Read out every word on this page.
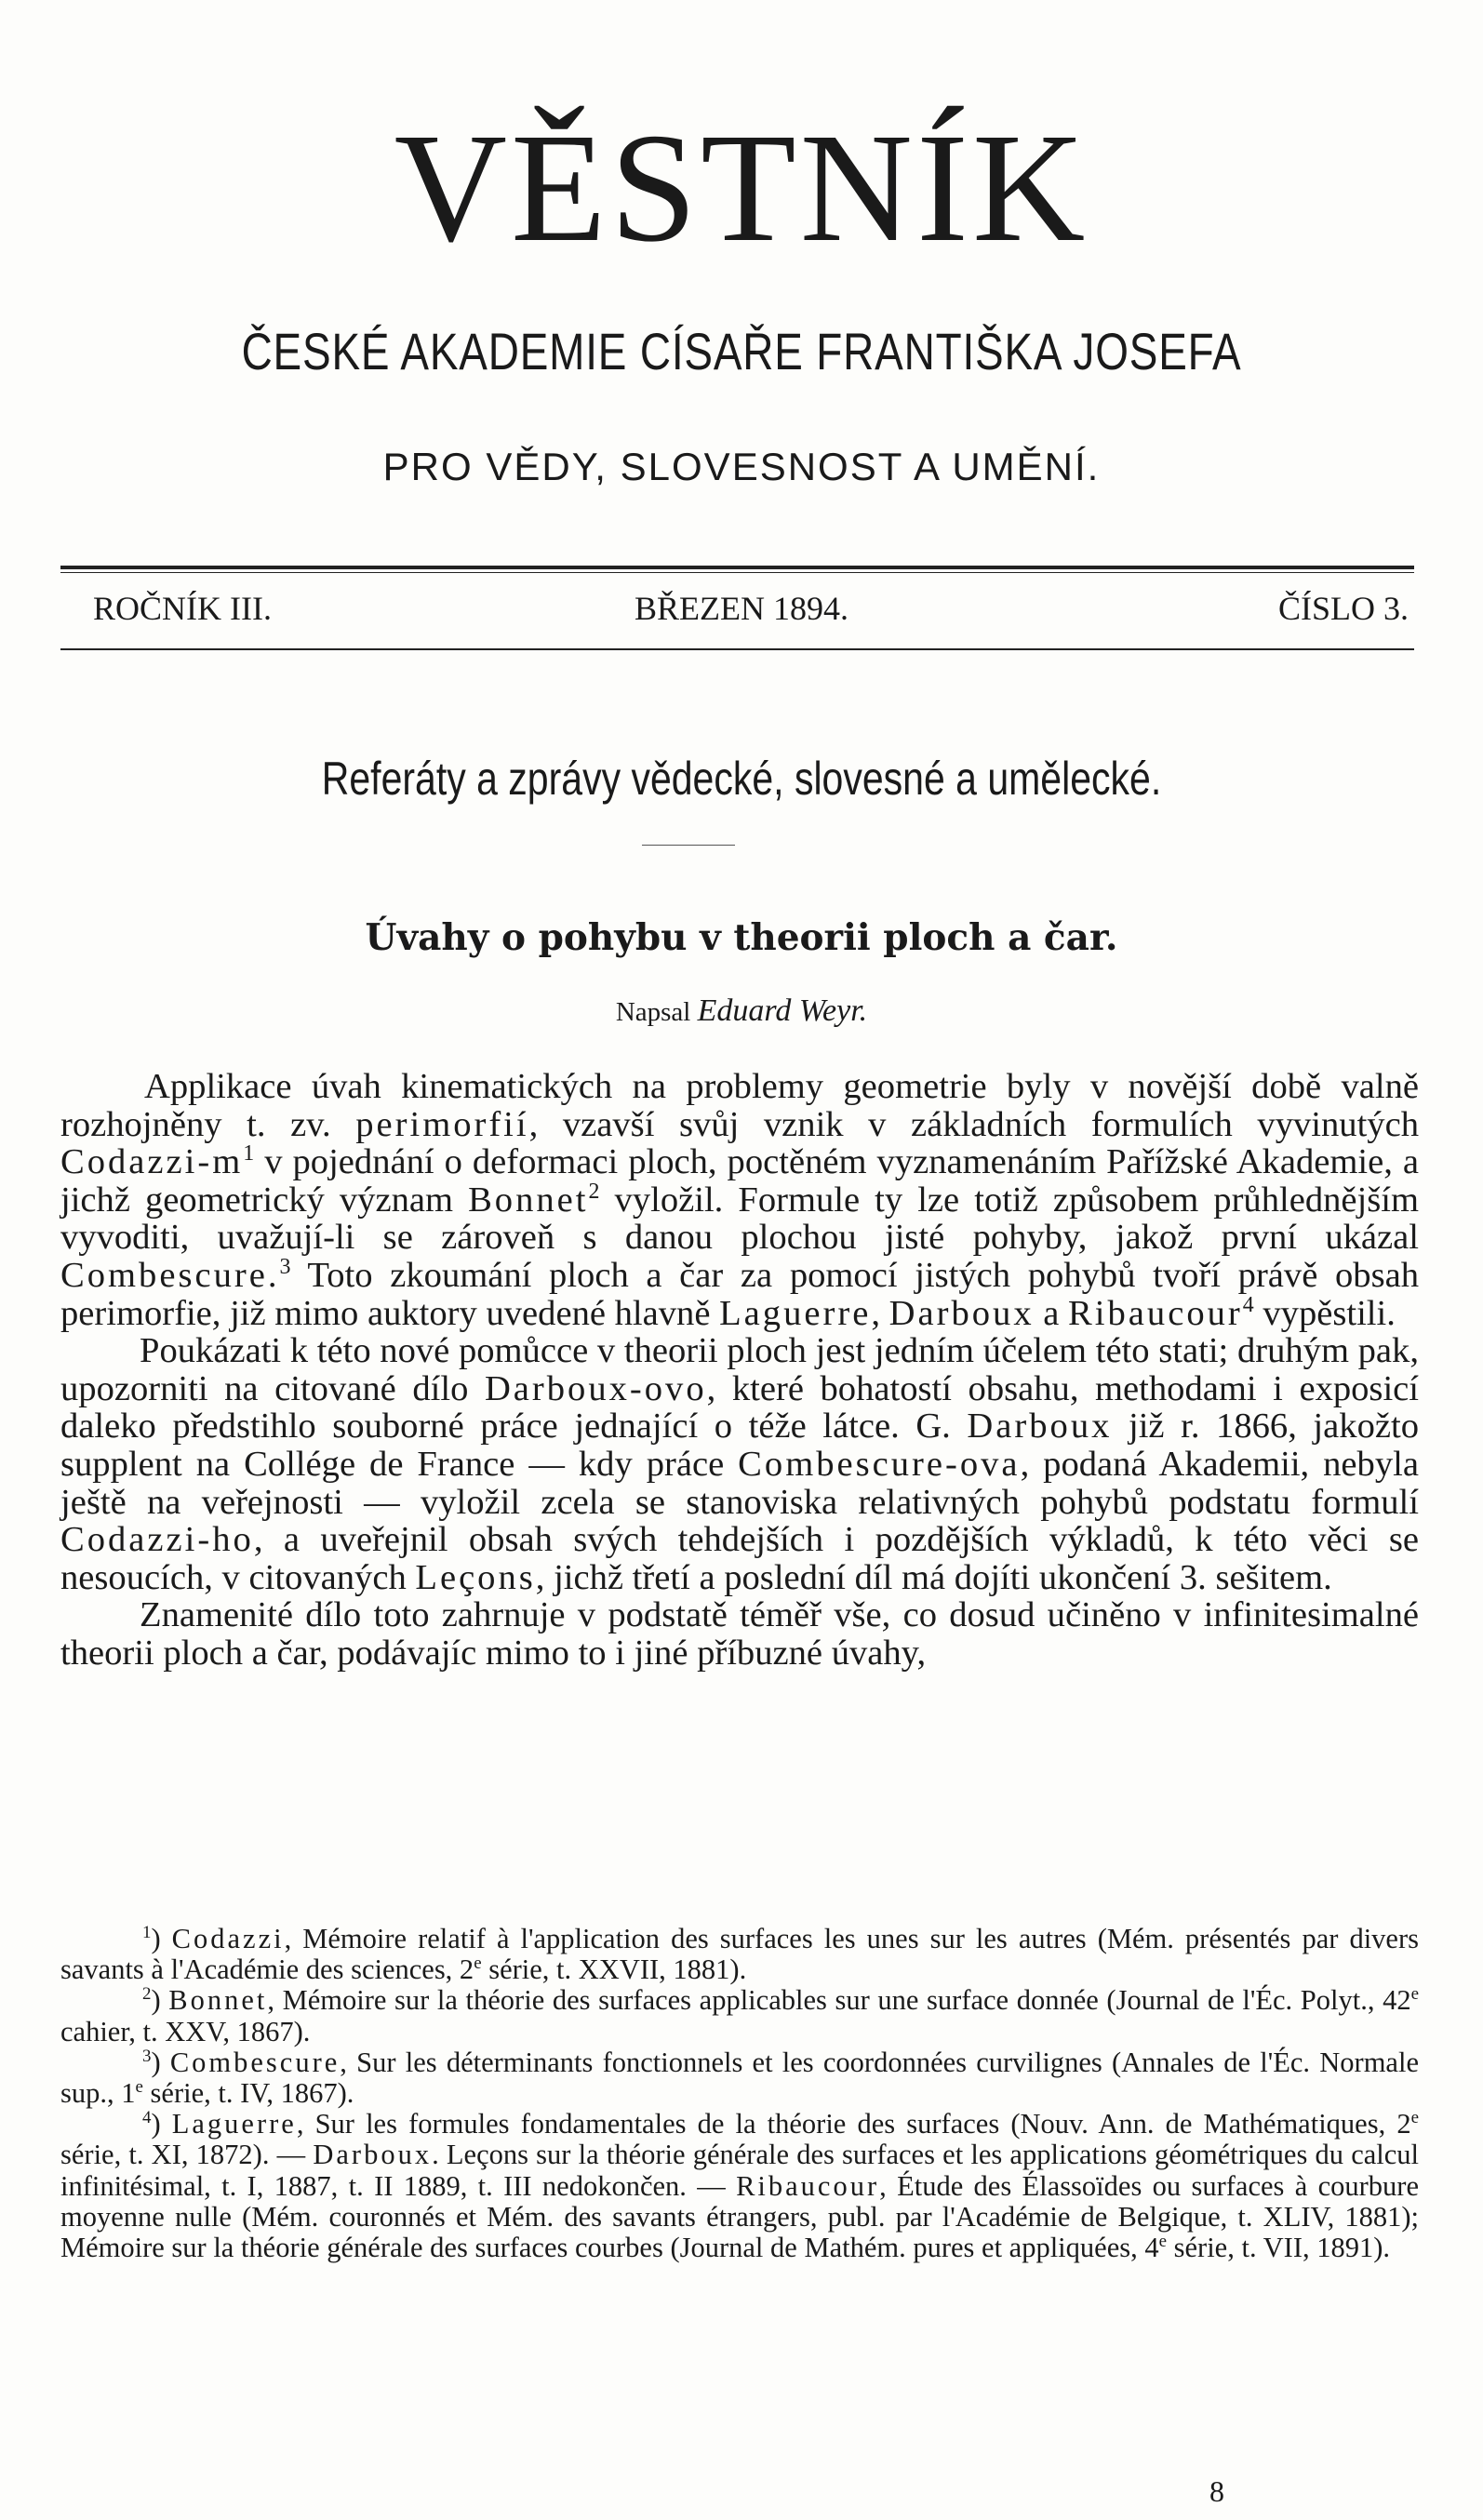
VĚSTNÍK
ČESKÉ AKADEMIE CÍSAŘE FRANTIŠKA JOSEFA
PRO VĚDY, SLOVESNOST A UMĚNÍ.
ROČNÍK III.	BŘEZEN 1894.	ČÍSLO 3.
Referáty a zprávy vědecké, slovesné a umělecké.
Úvahy o pohybu v theorii ploch a čar.
Napsal Eduard Weyr.

Applikace úvah kinematických na problemy geometrie byly v novější době valně rozhojněny t. zv. perimorfií, vzavší svůj vznik v základních formulích vyvinutých Codazzi-$m^1$ v pojednání o deformaci ploch, poctěném vyznamenáním Pařížské Akademie, a jichž geometrický význam Bonnet$^2$ vyložil. Formule ty lze totiž způsobem průhlednějším vyvoditi, uvažují-li se zároveň s danou plochou jisté pohyby, jakož první ukázal Combescure.$^3$ Toto zkoumání ploch a čar za pomocí jistých pohybů tvoří právě obsah perimorfie, již mimo auktory uvedené hlavně Laguerre, Darboux a Ribaucour$^4$ vypěstili.

Poukázati k této nové pomůcce v theorii ploch jest jedním účelem této stati; druhým pak, upozorniti na citované dílo Darboux-ovo, které bohatostí obsahu, methodami i exposicí daleko předstihlo souborné práce jednající o téže látce. G. Darboux již r. 1866, jakožto supplent na Collége de France — kdy práce Combescure-ova, podaná Akademii, nebyla ještě na veřejnosti — vyložil zcela se stanoviska relativných pohybů podstatu formulí Codazzi-ho, a uveřejnil obsah svých tehdejších i pozdějších výkladů, k této věci se nesoucích, v citovaných Leçons, jichž třetí a poslední díl má dojíti ukončení 3. sešitem.

Znamenité dílo toto zahrnuje v podstatě téměř vše, co dosud učiněno v infinitesimalné theorii ploch a čar, podávajíc mimo to i jiné příbuzné úvahy,

$^1$) Codazzi, Mémoire relatif à l'application des surfaces les unes sur les autres (Mém. présentés par divers savants à l'Académie des sciences, 2e série, t. XXVII, 1881).

$^2$) Bonnet, Mémoire sur la théorie des surfaces applicables sur une surface donnée (Journal de l'Éc. Polyt., 42e cahier, t. XXV, 1867).

$^3$) Combescure, Sur les déterminants fonctionnels et les coordonnées curvilignes (Annales de l'Éc. Normale sup., 1e série, t. IV, 1867).

$^4$) Laguerre, Sur les formules fondamentales de la théorie des surfaces (Nouv. Ann. de Mathématiques, 2e série, t. XI, 1872). — Darboux. Leçons sur la théorie générale des surfaces et les applications géométriques du calcul infinitésimal, t. I, 1887, t. II 1889, t. III nedokončen. — Ribaucour, Étude des Élassoïdes ou surfaces à courbure moyenne nulle (Mém. couronnés et Mém. des savants étrangers, publ. par l'Académie de Belgique, t. XLIV, 1881); Mémoire sur la théorie générale des surfaces courbes (Journal de Mathém. pures et appliquées, 4e série, t. VII, 1891).

8
